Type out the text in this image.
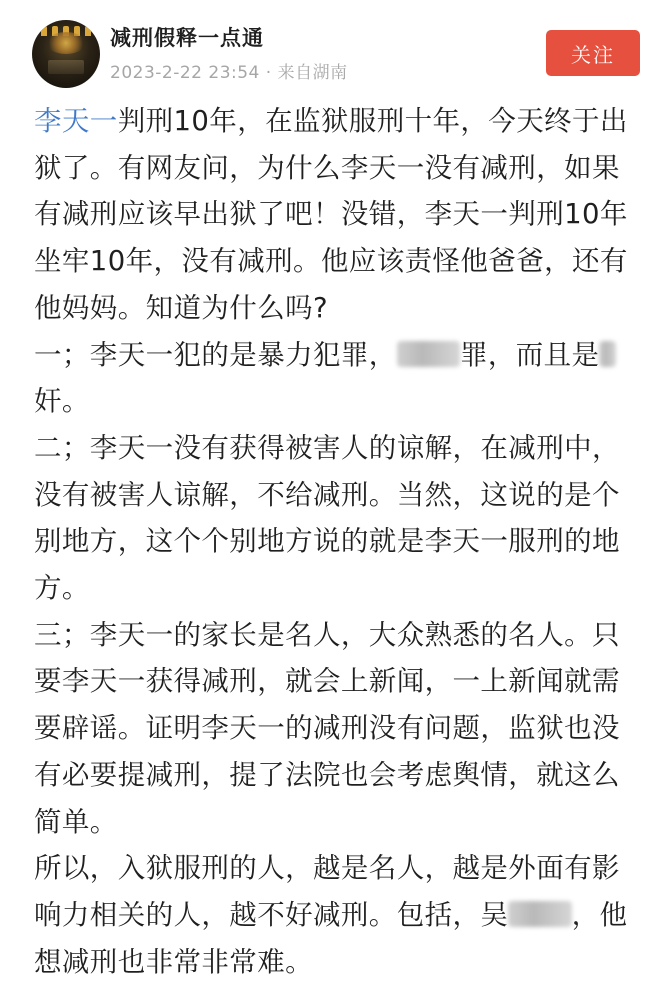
减刑假释一点通
2023-2-22 23:54 · 来自湖南
关注

李天一判刑10年，在监狱服刑十年，今天终于出狱了。有网友问，为什么李天一没有减刑，如果有减刑应该早出狱了吧！没错，李天一判刑10年坐牢10年，没有减刑。他应该责怪他爸爸，还有他妈妈。知道为什么吗?

一；李天一犯的是暴力犯罪， 罪，而且是奸。

二；李天一没有获得被害人的谅解，在减刑中，没有被害人谅解，不给减刑。当然，这说的是个别地方，这个个别地方说的就是李天一服刑的地方。

三；李天一的家长是名人，大众熟悉的名人。只要李天一获得减刑，就会上新闻，一上新闻就需要辟谣。证明李天一的减刑没有问题，监狱也没有必要提减刑，提了法院也会考虑舆情，就这么简单。

所以，入狱服刑的人，越是名人，越是外面有影响力相关的人，越不好减刑。包括，吴 ，他想减刑也非常非常难。
